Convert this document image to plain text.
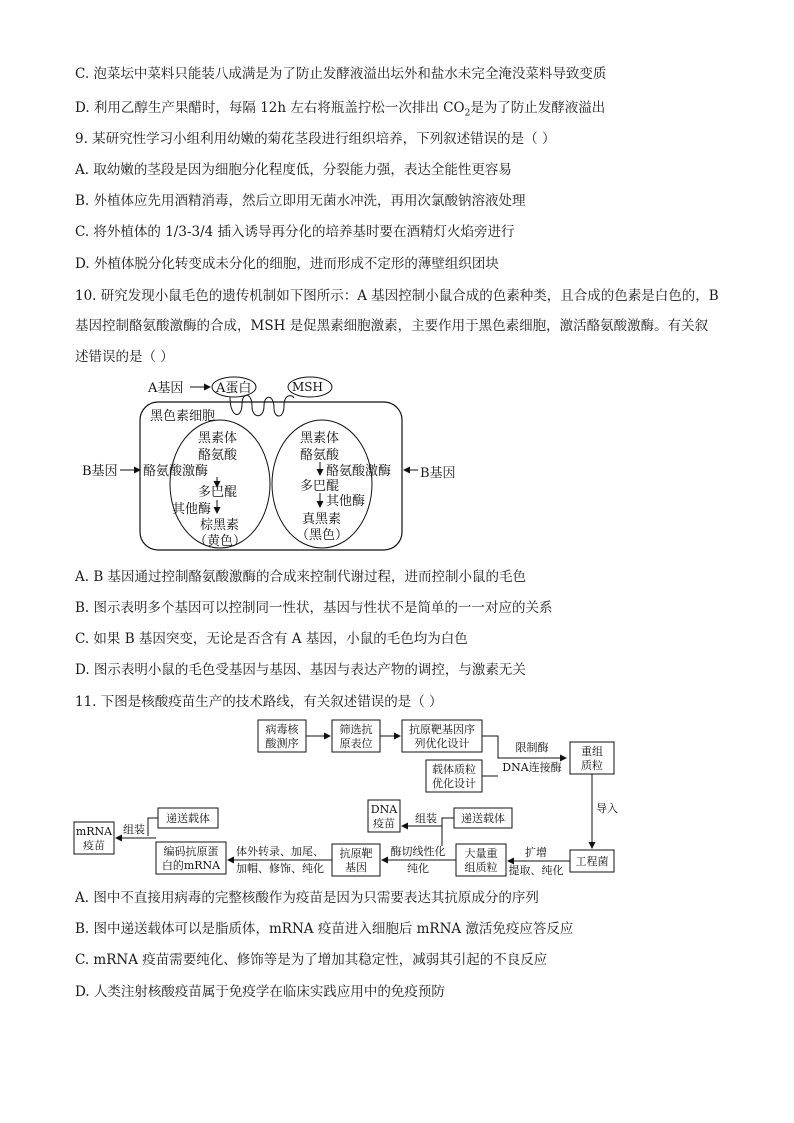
C. 泡菜坛中菜料只能装八成满是为了防止发酵液溢出坛外和盐水未完全淹没菜料导致变质
D. 利用乙醇生产果醋时，每隔 12h 左右将瓶盖拧松一次排出 $CO_2$是为了防止发酵液溢出
9. 某研究性学习小组利用幼嫩的菊花茎段进行组织培养，下列叙述错误的是（ ）
A. 取幼嫩的茎段是因为细胞分化程度低，分裂能力强，表达全能性更容易
B. 外植体应先用酒精消毒，然后立即用无菌水冲洗，再用次氯酸钠溶液处理
C. 将外植体的 1/3-3/4 插入诱导再分化的培养基时要在酒精灯火焰旁进行
D. 外植体脱分化转变成未分化的细胞，进而形成不定形的薄壁组织团块
10. 研究发现小鼠毛色的遗传机制如下图所示：A 基因控制小鼠合成的色素种类，且合成的色素是白色的，B
基因控制酪氨酸激酶的合成，MSH 是促黑素细胞激素，主要作用于黑色素细胞，激活酪氨酸激酶。有关叙
述错误的是（ ）
A基因	A蛋白	MSH
黑色素细胞
B基因
黑素体
酪氨酸
酪氨酸激酶
多巴醌
其他酶
棕黑素
（黄色）
黑素体
酪氨酸
酪氨酸激酶
多巴醌
其他酶
真黑素
（黑色）
B基因
A. B 基因通过控制酪氨酸激酶的合成来控制代谢过程，进而控制小鼠的毛色
B. 图示表明多个基因可以控制同一性状，基因与性状不是简单的一一对应的关系
C. 如果 B 基因突变，无论是否含有 A 基因，小鼠的毛色均为白色
D. 图示表明小鼠的毛色受基因与基因、基因与表达产物的调控，与激素无关
11. 下图是核酸疫苗生产的技术路线，有关叙述错误的是（ ）
病毒核
酸测序
筛选抗
原表位
抗原靶基因序
列优化设计
载体质粒
优化设计
限制酶
DNA连接酶
重组
质粒
导入
工程菌
扩增
提取、纯化
大量重
组质粒
酶切线性化
纯化
抗原靶
基因
递送载体
组装
DNA
疫苗
体外转录、加尾、
加帽、修饰、纯化
编码抗原蛋
白的mRNA
递送载体
组装
mRNA
疫苗
A. 图中不直接用病毒的完整核酸作为疫苗是因为只需要表达其抗原成分的序列
B. 图中递送载体可以是脂质体，mRNA 疫苗进入细胞后 mRNA 激活免疫应答反应
C. mRNA 疫苗需要纯化、修饰等是为了增加其稳定性，减弱其引起的不良反应
D. 人类注射核酸疫苗属于免疫学在临床实践应用中的免疫预防
